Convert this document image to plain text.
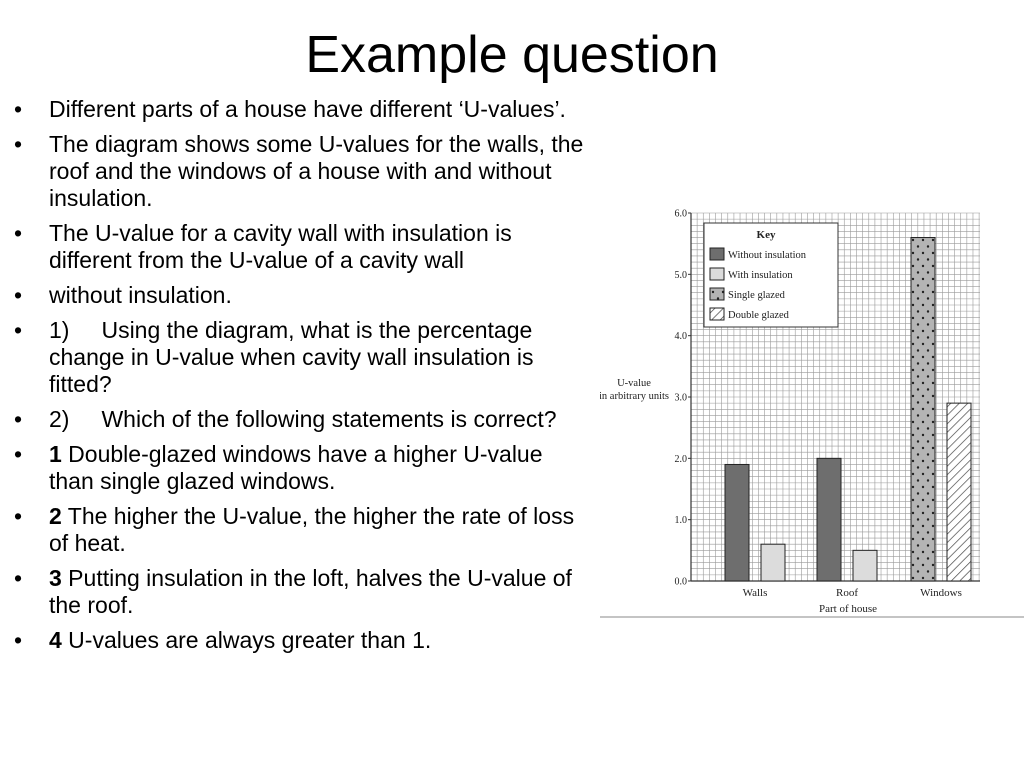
Example question
• Different parts of a house have different ‘U-values’.
• The diagram shows some U-values for the walls, the roof and the windows of a house with and without insulation.
• The U-value for a cavity wall with insulation is different from the U-value of a cavity wall
• without insulation.
• 1) Using the diagram, what is the percentage change in U-value when cavity wall insulation is fitted?
• 2) Which of the following statements is correct?
• 1 Double-glazed windows have a higher U-value than single glazed windows.
• 2 The higher the U-value, the higher the rate of loss of heat.
• 3 Putting insulation in the loft, halves the U-value of the roof.
• 4 U-values are always greater than 1.
Key
Without insulation
With insulation
Single glazed
Double glazed
0.0
1.0
2.0
3.0
4.0
5.0
6.0
U-value in arbitrary units
Walls	Roof	Windows
Part of house
